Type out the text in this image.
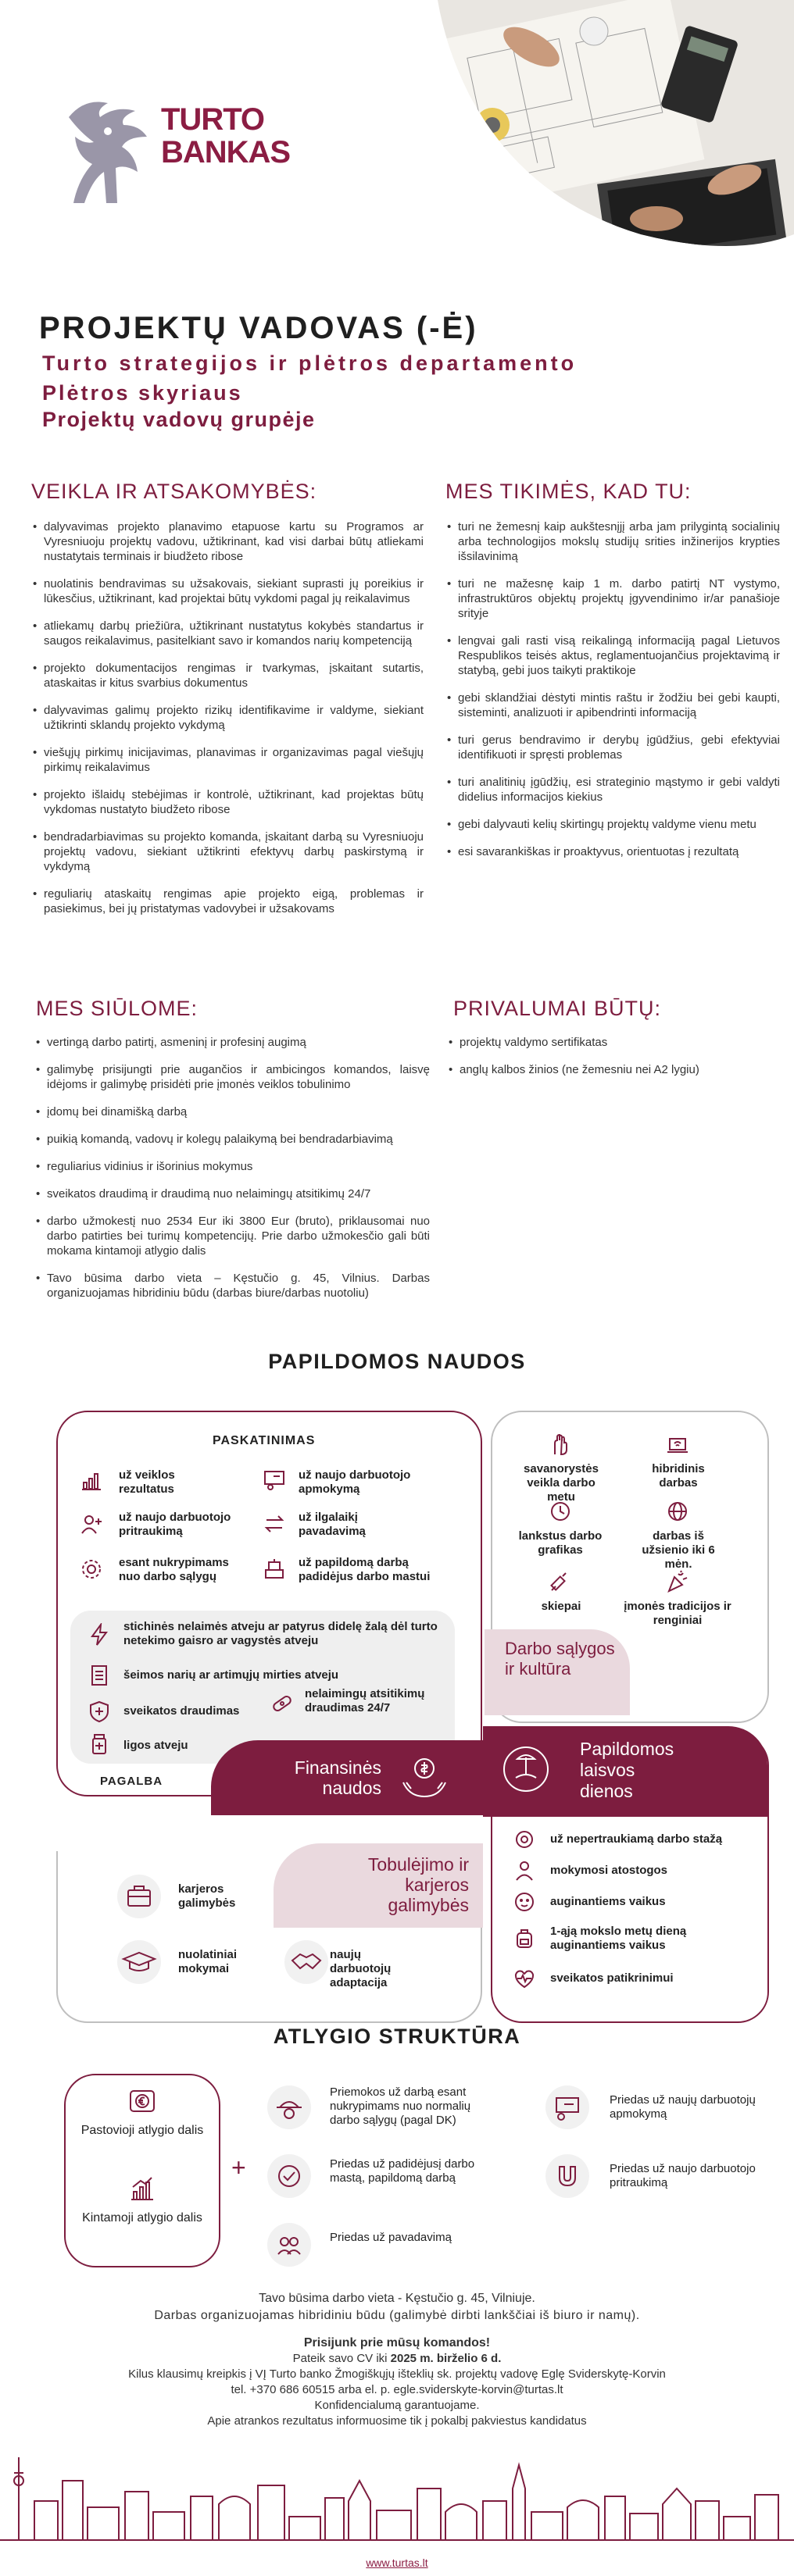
TURTO
BANKAS
PROJEKTŲ VADOVAS (-Ė)
Turto strategijos ir plėtros departamento
Plėtros skyriaus
Projektų vadovų grupėje
VEIKLA IR ATSAKOMYBĖS:
• dalyvavimas projekto planavimo etapuose kartu su Programos ar Vyresniuoju projektų vadovu, užtikrinant, kad visi darbai būtų atliekami nustatytais terminais ir biudžeto ribose
• nuolatinis bendravimas su užsakovais, siekiant suprasti jų poreikius ir lūkesčius, užtikrinant, kad projektai būtų vykdomi pagal jų reikalavimus
• atliekamų darbų priežiūra, užtikrinant nustatytus kokybės standartus ir saugos reikalavimus, pasitelkiant savo ir komandos narių kompetenciją
• projekto dokumentacijos rengimas ir tvarkymas, įskaitant sutartis, ataskaitas ir kitus svarbius dokumentus
• dalyvavimas galimų projekto rizikų identifikavime ir valdyme, siekiant užtikrinti sklandų projekto vykdymą
• viešųjų pirkimų inicijavimas, planavimas ir organizavimas pagal viešųjų pirkimų reikalavimus
• projekto išlaidų stebėjimas ir kontrolė, užtikrinant, kad projektas būtų vykdomas nustatyto biudžeto ribose
• bendradarbiavimas su projekto komanda, įskaitant darbą su Vyresniuoju projektų vadovu, siekiant užtikrinti efektyvų darbų paskirstymą ir vykdymą
• reguliarių ataskaitų rengimas apie projekto eigą, problemas ir pasiekimus, bei jų pristatymas vadovybei ir užsakovams
MES TIKIMĖS, KAD TU:
• turi ne žemesnį kaip aukštesnįjį arba jam prilygintą socialinių arba technologijos mokslų studijų srities inžinerijos krypties išsilavinimą
• turi ne mažesnę kaip 1 m. darbo patirtį NT vystymo, infrastruktūros objektų projektų įgyvendinimo ir/ar panašioje srityje
• lengvai gali rasti visą reikalingą informaciją pagal Lietuvos Respublikos teisės aktus, reglamentuojančius projektavimą ir statybą, gebi juos taikyti praktikoje
• gebi sklandžiai dėstyti mintis raštu ir žodžiu bei gebi kaupti, sisteminti, analizuoti ir apibendrinti informaciją
• turi gerus bendravimo ir derybų įgūdžius, gebi efektyviai identifikuoti ir spręsti problemas
• turi analitinių įgūdžių, esi strateginio mąstymo ir gebi valdyti didelius informacijos kiekius
• gebi dalyvauti kelių skirtingų projektų valdyme vienu metu
• esi savarankiškas ir proaktyvus, orientuotas į rezultatą
MES SIŪLOME:
• vertingą darbo patirtį, asmeninį ir profesinį augimą
• galimybę prisijungti prie augančios ir ambicingos komandos, laisvę idėjoms ir galimybę prisidėti prie įmonės veiklos tobulinimo
• įdomų bei dinamišką darbą
• puikią komandą, vadovų ir kolegų palaikymą bei bendradarbiavimą
• reguliarius vidinius ir išorinius mokymus
• sveikatos draudimą ir draudimą nuo nelaimingų atsitikimų 24/7
• darbo užmokestį nuo 2534 Eur iki 3800 Eur (bruto), priklausomai nuo darbo patirties bei turimų kompetencijų. Prie darbo užmokesčio gali būti mokama kintamoji atlygio dalis
• Tavo būsima darbo vieta – Kęstučio g. 45, Vilnius. Darbas organizuojamas hibridiniu būdu (darbas biure/darbas nuotoliu)
PRIVALUMAI BŪTŲ:
• projektų valdymo sertifikatas
• anglų kalbos žinios (ne žemesniu nei A2 lygiu)
PAPILDOMOS NAUDOS
PASKATINIMAS
už veiklos
rezultatus
už naujo darbuotojo
apmokymą
už naujo darbuotojo
pritraukimą
už ilgalaikį
pavadavimą
esant nukrypimams
nuo darbo sąlygų
už papildomą darbą
padidėjus darbo mastui
stichinės nelaimės atveju ar patyrus didelę žalą dėl turto netekimo gaisro ar vagystės atveju
šeimos narių ar artimųjų mirties atveju
sveikatos draudimas
nelaimingų atsitikimų draudimas 24/7
ligos atveju
PAGALBA
Finansinės naudos
savanorystės veikla darbo metu
hibridinis darbas
lankstus darbo grafikas
darbas iš užsienio iki 6 mėn.
skiepai	įmonės tradicijos ir renginiai
Darbo sąlygos ir kultūra
Tobulėjimo ir karjeros galimybės
karjeros galimybės
nuolatiniai mokymai
naujų darbuotojų adaptacija
Papildomos laisvos dienos
už nepertraukiamą darbo stažą
mokymosi atostogos
auginantiems vaikus
1-ąją mokslo metų dieną auginantiems vaikus
sveikatos patikrinimui
ATLYGIO STRUKTŪRA
Pastovioji atlygio dalis
Kintamoji atlygio dalis
+
Priemokos už darbą esant nukrypimams nuo normalių darbo sąlygų (pagal DK)
Priedas už naujų darbuotojų apmokymą
Priedas už padidėjusį darbo mastą, papildomą darbą
Priedas už naujo darbuotojo pritraukimą
Priedas už pavadavimą
Tavo būsima darbo vieta - Kęstučio g. 45, Vilniuje.
Darbas organizuojamas hibridiniu būdu (galimybė dirbti lankščiai iš biuro ir namų).
Prisijunk prie mūsų komandos!
Pateik savo CV iki 2025 m. birželio 6 d.
Kilus klausimų kreipkis į VĮ Turto banko Žmogiškųjų išteklių sk. projektų vadovę Eglę Sviderskytę-Korvin
tel. +370 686 60515 arba el. p. egle.sviderskyte-korvin@turtas.lt
Konfidencialumą garantuojame.
Apie atrankos rezultatus informuosime tik į pokalbį pakviestus kandidatus
www.turtas.lt
